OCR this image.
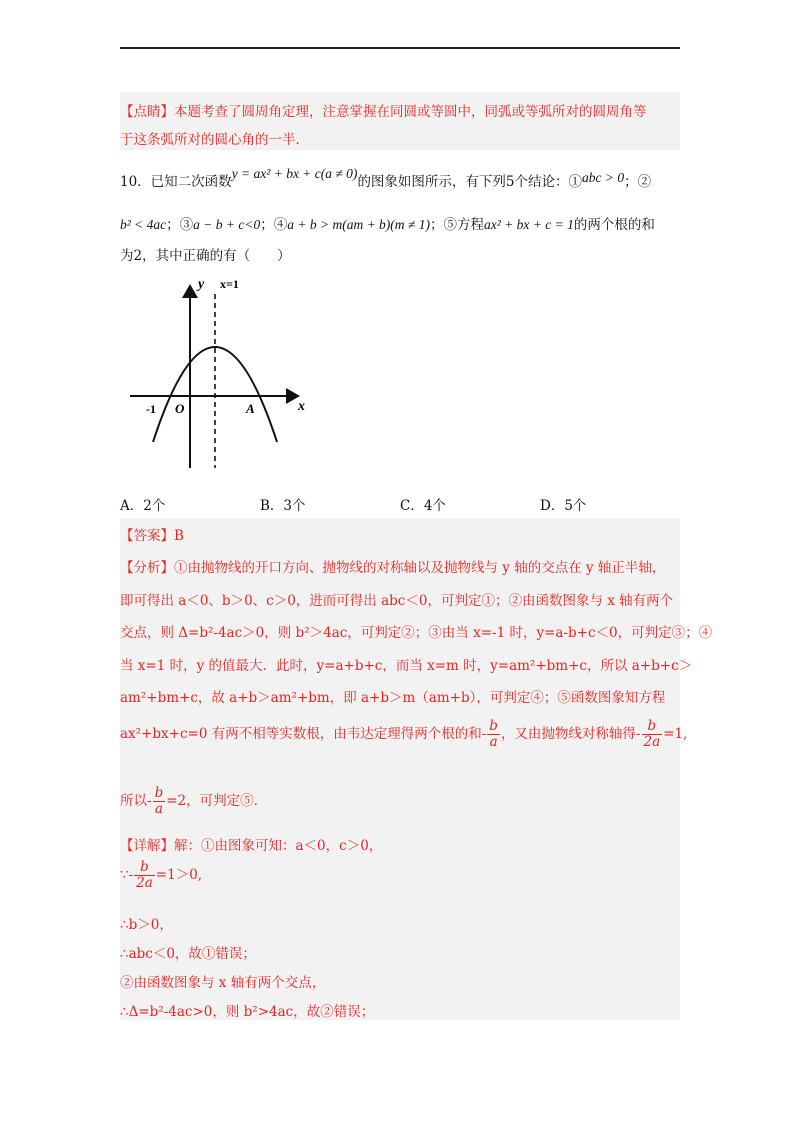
【点睛】本题考查了圆周角定理，注意掌握在同圆或等圆中，同弧或等弧所对的圆周角等
于这条弧所对的圆心角的一半．
10．已知二次函数y = ax² + bx + c(a ≠ 0)的图象如图所示，有下列5个结论：①abc > 0；②
b² < 4ac；③a − b + c<0；④a + b > m(am + b)(m ≠ 1)；⑤方程ax² + bx + c = 1的两个根的和
为2，其中正确的有（　　）
y
x
x=1
O
-1	A
A．2个	B．3个	C．4个	D．5个
【答案】B
【分析】①由抛物线的开口方向、抛物线的对称轴以及抛物线与 y 轴的交点在 y 轴正半轴，
即可得出 a＜0、b＞0、c＞0，进而可得出 abc＜0，可判定①；②由函数图象与 x 轴有两个
交点，则 Δ=b²-4ac＞0，则 b²＞4ac，可判定②；③由当 x=-1 时，y=a-b+c＜0，可判定③；④
当 x=1 时，y 的值最大．此时，y=a+b+c，而当 x=m 时，y=am²+bm+c，所以 a+b+c＞
am²+bm+c，故 a+b＞am²+bm，即 a+b＞m（am+b），可判定④；⑤函数图象知方程
ax²+bx+c=0 有两不相等实数根，由韦达定理得两个根的和- $\frac{b}{a}$ ，又由抛物线对称轴得- $\frac{b}{2a} =1$,
所以- $\frac{b}{a} =2$，可判定⑤．
【详解】解：①由图象可知：a＜0，c＞0，
∵- $\frac{b}{2a} =1>0$,
∴b＞0，
∴abc＜0，故①错误；
②由函数图象与 x 轴有两个交点，
∴Δ=b²-4ac>0，则 b²>4ac，故②错误；
